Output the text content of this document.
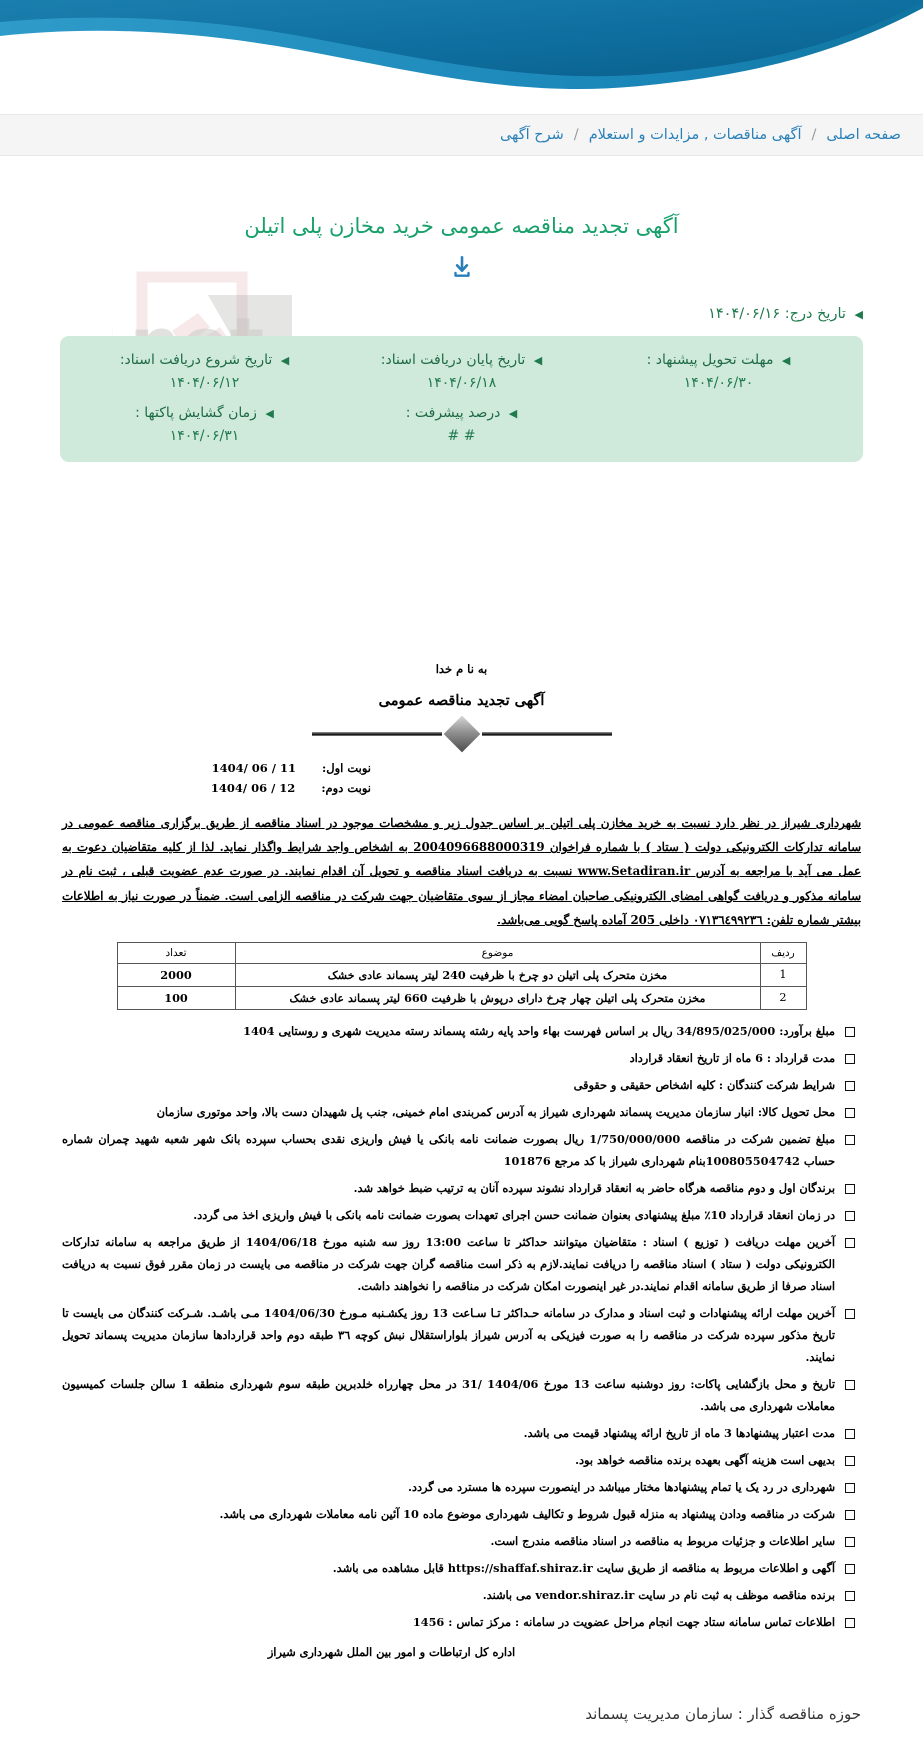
صفحه اصلی
/
آگهی مناقصات , مزایدات و استعلام
/
شرح آگهی
آگهی تجدید مناقصه عمومی خرید مخازن پلی اتیلن
◀ تاریخ درج: ۱۴۰۴/۰۶/۱۶
◀ مهلت تحویل پیشنهاد :
۱۴۰۴/۰۶/۳۰
◀ تاریخ پایان دریافت اسناد:
۱۴۰۴/۰۶/۱۸
◀ تاریخ شروع دریافت اسناد:
۱۴۰۴/۰۶/۱۲
◀ درصد پیشرفت :
# #
◀ زمان گشایش پاکتها :
۱۴۰۴/۰۶/۳۱
به نا م خدا
آگهی تجدید مناقصه عمومی
نوبت اول:
1404/ 06 / 11
نوبت دوم:
1404/ 06 / 12

شهرداری شیراز در نظر دارد نسبت به خرید مخازن پلی اتیلن بر اساس جدول زیر و مشخصات موجود در اسناد مناقصه از طریق برگزاری مناقصه عمومی در سامانه تدارکات الکترونیکی دولت ( ستاد ) با شماره فراخوان 2004096688000319 به اشخاص واجد شرایط واگذار نماید. لذا از کلیه متقاضیان دعوت به عمل می آید با مراجعه به آدرس www.Setadiran.ir نسبت به دریافت اسناد مناقصه و تحویل آن اقدام نمایند. در صورت عدم عضویت قبلی ، ثبت نام در سامانه مذکور و دریافت گواهی امضای الکترونیکی صاحبان امضاء مجاز از سوی متقاضیان جهت شرکت در مناقصه الزامی است. ضمناً در صورت نیاز به اطلاعات بیشتر شماره تلفن: ۰۷۱۳٦٤۹۹۲۳٦ داخلی 205 آماده پاسخ گویی می‌باشد.

ردیف	موضوع	تعداد
1	مخزن متحرک پلی اتیلن دو چرخ با ظرفیت 240 لیتر پسماند عادی خشک	2000
2	مخزن متحرک پلی اتیلن چهار چرخ دارای درپوش با ظرفیت 660 لیتر پسماند عادی خشک	100
مبلغ برآورد: 34/895/025/000 ریال بر اساس فهرست بهاء واحد پایه رشته پسماند رسته مدیریت شهری و روستایی 1404
مدت قرارداد : 6 ماه از تاریخ انعقاد قرارداد
شرایط شرکت کنندگان : کلیه اشخاص حقیقی و حقوقی
محل تحویل کالا: انبار سازمان مدیریت پسماند شهرداری شیراز به آدرس کمربندی امام خمینی، جنب پل شهیدان دست بالا، واحد موتوری سازمان
مبلغ تضمین شرکت در مناقصه 1/750/000/000 ریال بصورت ضمانت نامه بانکی یا فیش واریزی نقدی بحساب سپرده بانک شهر شعبه شهید چمران شماره حساب 100805504742بنام شهرداری شیراز با کد مرجع 101876
برندگان اول و دوم مناقصه هرگاه حاضر به انعقاد قرارداد نشوند سپرده آنان به ترتیب ضبط خواهد شد.
در زمان انعقاد قرارداد 10٪ مبلغ پیشنهادی بعنوان ضمانت حسن اجرای تعهدات بصورت ضمانت نامه بانکی با فیش واریزی اخذ می گردد.
آخرین مهلت دریافت ( توزیع ) اسناد : متقاضیان میتوانند حداکثر تا ساعت 13:00 روز سه شنبه مورخ 1404/06/18 از طریق مراجعه به سامانه تدارکات الکترونیکی دولت ( ستاد ) اسناد مناقصه را دریافت نمایند.لازم به ذکر است مناقصه گران جهت شرکت در مناقصه می بایست در زمان مقرر فوق نسبت به دریافت اسناد صرفا از طریق سامانه اقدام نمایند.در غیر اینصورت امکان شرکت در مناقصه را نخواهند داشت.
آخرین مهلت ارائه پیشنهادات و ثبت اسناد و مدارک در سامانه حـداکثر تـا سـاعت 13 روز یکشـنبه مـورخ 1404/06/30 مـی باشـد. شـرکت کنندگان می بایست تا تاریخ مذکور سپرده شرکت در مناقصه را به صورت فیزیکی به آدرس شیراز بلواراستقلال نبش کوچه ٣٦ طبقه دوم واحد قراردادها سازمان مدیریت پسماند تحویل نمایند.
تاریخ و محل بازگشایی پاکات: روز دوشنبه ساعت 13 مورخ 1404/06 /31 در محل چهارراه خلدبرین طبقه سوم شهرداری منطقه 1 سالن جلسات کمیسیون معاملات شهرداری می باشد.
مدت اعتبار پیشنهادها 3 ماه از تاریخ ارائه پیشنهاد قیمت می باشد.
بدیهی است هزینه آگهی بعهده برنده مناقصه خواهد بود.
شهرداری در رد یک یا تمام پیشنهادها مختار میباشد در اینصورت سپرده ها مسترد می گردد.
شرکت در مناقصه ودادن پیشنهاد به منزله قبول شروط و تکالیف شهرداری موضوع ماده 10 آئین نامه معاملات شهرداری می باشد.
سایر اطلاعات و جزئیات مربوط به مناقصه در اسناد مناقصه مندرج است.
آگهی و اطلاعات مربوط به مناقصه از طریق سایت https://shaffaf.shiraz.ir قابل مشاهده می باشد.
برنده مناقصه موظف به ثبت نام در سایت vendor.shiraz.ir می باشند.
اطلاعات تماس سامانه ستاد جهت انجام مراحل عضویت در سامانه : مرکز تماس : 1456
اداره کل ارتباطات و امور بین الملل شهرداری شیراز
حوزه مناقصه گذار : سازمان مدیریت پسماند
